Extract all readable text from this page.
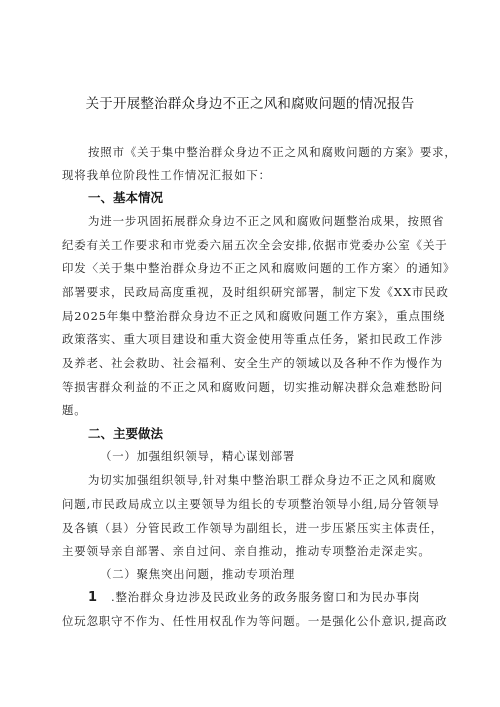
关于开展整治群众身边不正之风和腐败问题的情况报告
按照市《关于集中整治群众身边不正之风和腐败问题的方案》要求，
现将我单位阶段性工作情况汇报如下：
一、基本情况
为进一步巩固拓展群众身边不正之风和腐败问题整治成果，按照省
纪委有关工作要求和市党委六届五次全会安排,依据市党委办公室《关于
印发〈关于集中整治群众身边不正之风和腐败问题的工作方案〉的通知》
部署要求，民政局高度重视，及时组织研究部署，制定下发《XX市民政
局2025年集中整治群众身边不正之风和腐败问题工作方案》，重点围绕
政策落实、重大项目建设和重大资金使用等重点任务，紧扣民政工作涉
及养老、社会救助、社会福利、安全生产的领域以及各种不作为慢作为
等损害群众利益的不正之风和腐败问题，切实推动解决群众急难愁盼问
题。
二、主要做法
（一）加强组织领导，精心谋划部署
为切实加强组织领导,针对集中整治职工群众身边不正之风和腐败
问题,市民政局成立以主要领导为组长的专项整治领导小组,局分管领导
及各镇（县）分管民政工作领导为副组长，进一步压紧压实主体责任，
主要领导亲自部署、亲自过问、亲自推动，推动专项整治走深走实。
（二）聚焦突出问题，推动专项治理
1 .整治群众身边涉及民政业务的政务服务窗口和为民办事岗
位玩忽职守不作为、任性用权乱作为等问题。一是强化公仆意识,提高政
